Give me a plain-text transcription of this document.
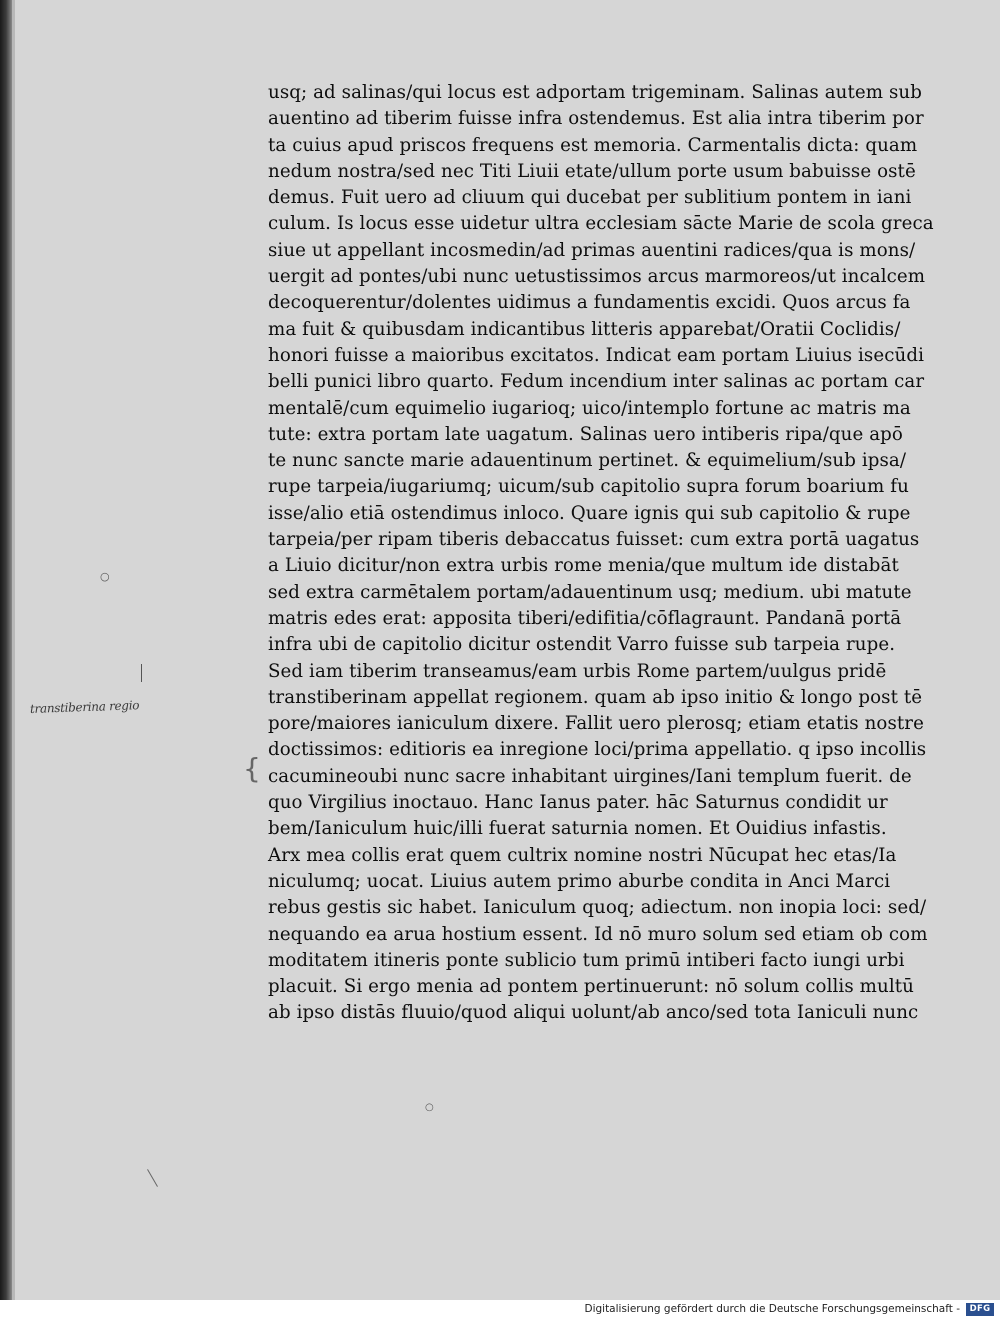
usq; ad salinas/qui locus est adportam trigeminam. Salinas autem sub
auentino ad tiberim fuisse infra ostendemus. Est alia intra tiberim por
ta cuius apud priscos frequens est memoria. Carmentalis dicta: quam
nedum nostra/sed nec Titi Liuii etate/ullum porte usum babuisse ostē
demus. Fuit uero ad cliuum qui ducebat per sublitium pontem in iani
culum. Is locus esse uidetur ultra ecclesiam sācte Marie de scola greca
siue ut appellant incosmedin/ad primas auentini radices/qua is mons/
uergit ad pontes/ubi nunc uetustissimos arcus marmoreos/ut incalcem
decoquerentur/dolentes uidimus a fundamentis excidi. Quos arcus fa
ma fuit & quibusdam indicantibus litteris apparebat/Oratii Coclidis/
honori fuisse a maioribus excitatos. Indicat eam portam Liuius isecūdi
belli punici libro quarto. Fedum incendium inter salinas ac portam car
mentalē/cum equimelio iugarioq; uico/intemplo fortune ac matris ma
tute: extra portam late uagatum. Salinas uero intiberis ripa/que apō
te nunc sancte marie adauentinum pertinet. & equimelium/sub ipsa/
rupe tarpeia/iugariumq; uicum/sub capitolio supra forum boarium fu
isse/alio etiā ostendimus inloco. Quare ignis qui sub capitolio & rupe
tarpeia/per ripam tiberis debaccatus fuisset: cum extra portā uagatus
a Liuio dicitur/non extra urbis rome menia/que multum ide distabāt
sed extra carmētalem portam/adauentinum usq; medium. ubi matute
matris edes erat: apposita tiberi/edifitia/cōflagraunt. Pandanā portā
infra ubi de capitolio dicitur ostendit Varro fuisse sub tarpeia rupe.
Sed iam tiberim transeamus/eam urbis Rome partem/uulgus pridē
transtiberinam appellat regionem. quam ab ipso initio & longo post tē
pore/maiores ianiculum dixere. Fallit uero plerosq; etiam etatis nostre
doctissimos: editioris ea inregione loci/prima appellatio. q ipso incollis
cacumineoubi nunc sacre inhabitant uirgines/Iani templum fuerit. de
quo Virgilius inoctauo. Hanc Ianus pater. hāc Saturnus condidit ur
bem/Ianiculum huic/illi fuerat saturnia nomen. Et Ouidius infastis.
Arx mea collis erat quem cultrix nomine nostri Nūcupat hec etas/Ia
niculumq; uocat. Liuius autem primo aburbe condita in Anci Marci
rebus gestis sic habet. Ianiculum quoq; adiectum. non inopia loci: sed/
nequando ea arua hostium essent. Id nō muro solum sed etiam ob com
moditatem itineris ponte sublicio tum primū intiberi facto iungi urbi
placuit. Si ergo menia ad pontem pertinuerunt: nō solum collis multū
ab ipso distās fluuio/quod aliqui uolunt/ab anco/sed tota Ianiculi nunc
transtiberina regio
○
{
○
Digitalisierung gefördert durch die Deutsche Forschungsgemeinschaft -	DFG
